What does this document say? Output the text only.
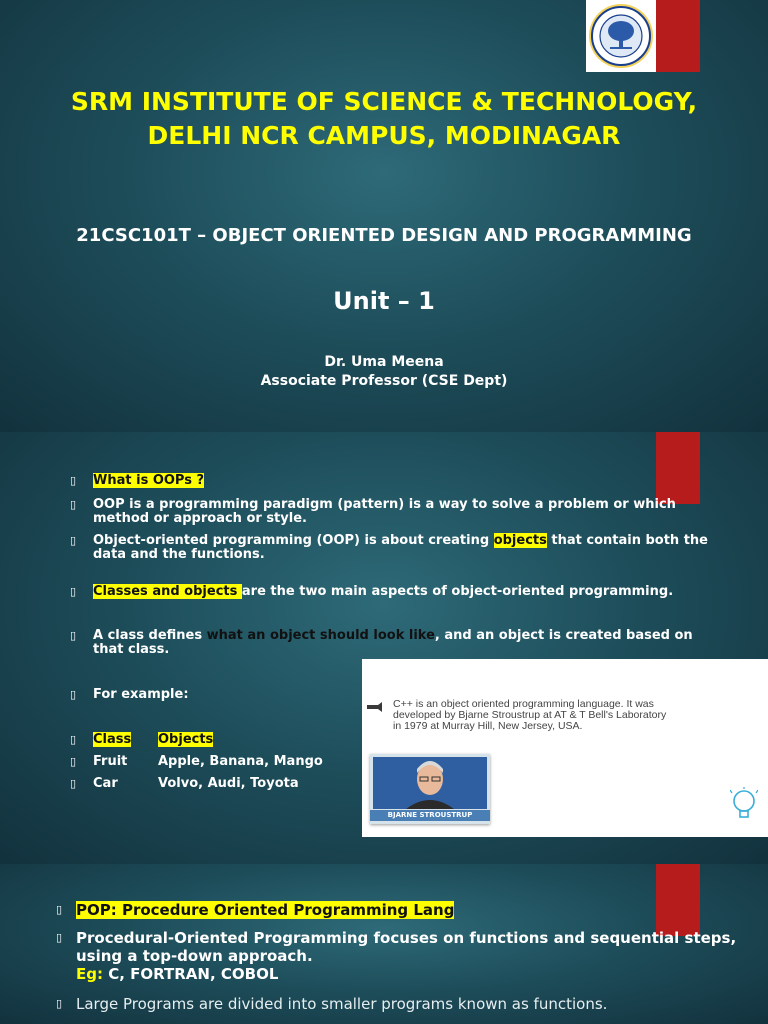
SRM INSTITUTE OF SCIENCE & TECHNOLOGY,
DELHI NCR CAMPUS, MODINAGAR
21CSC101T – OBJECT ORIENTED DESIGN AND PROGRAMMING
Unit – 1
Dr. Uma Meena
Associate Professor (CSE Dept)
▯ What is OOPs ?
▯ OOP is a programming paradigm (pattern) is a way to solve a problem or which
method or approach or style.
▯ Object-oriented programming (OOP) is about creating objects that contain both the
data and the functions.
▯ Classes and objects are the two main aspects of object-oriented programming.
▯ A class defines what an object should look like, and an object is created based on
that class.
▯ For example:
▯ Class Objects
▯ Fruit Apple, Banana, Mango
▯ Car	Volvo, Audi, Toyota
C++ is an object oriented programming language. It was
developed by Bjarne Stroustrup at AT & T Bell's Laboratory
in 1979 at Murray Hill, New Jersey, USA.
BJARNE STROUSTRUP
▯ POP: Procedure Oriented Programming Lang
▯ Procedural-Oriented Programming focuses on functions and sequential steps,
using a top-down approach.
Eg: C, FORTRAN, COBOL
▯ Large Programs are divided into smaller programs known as functions.
